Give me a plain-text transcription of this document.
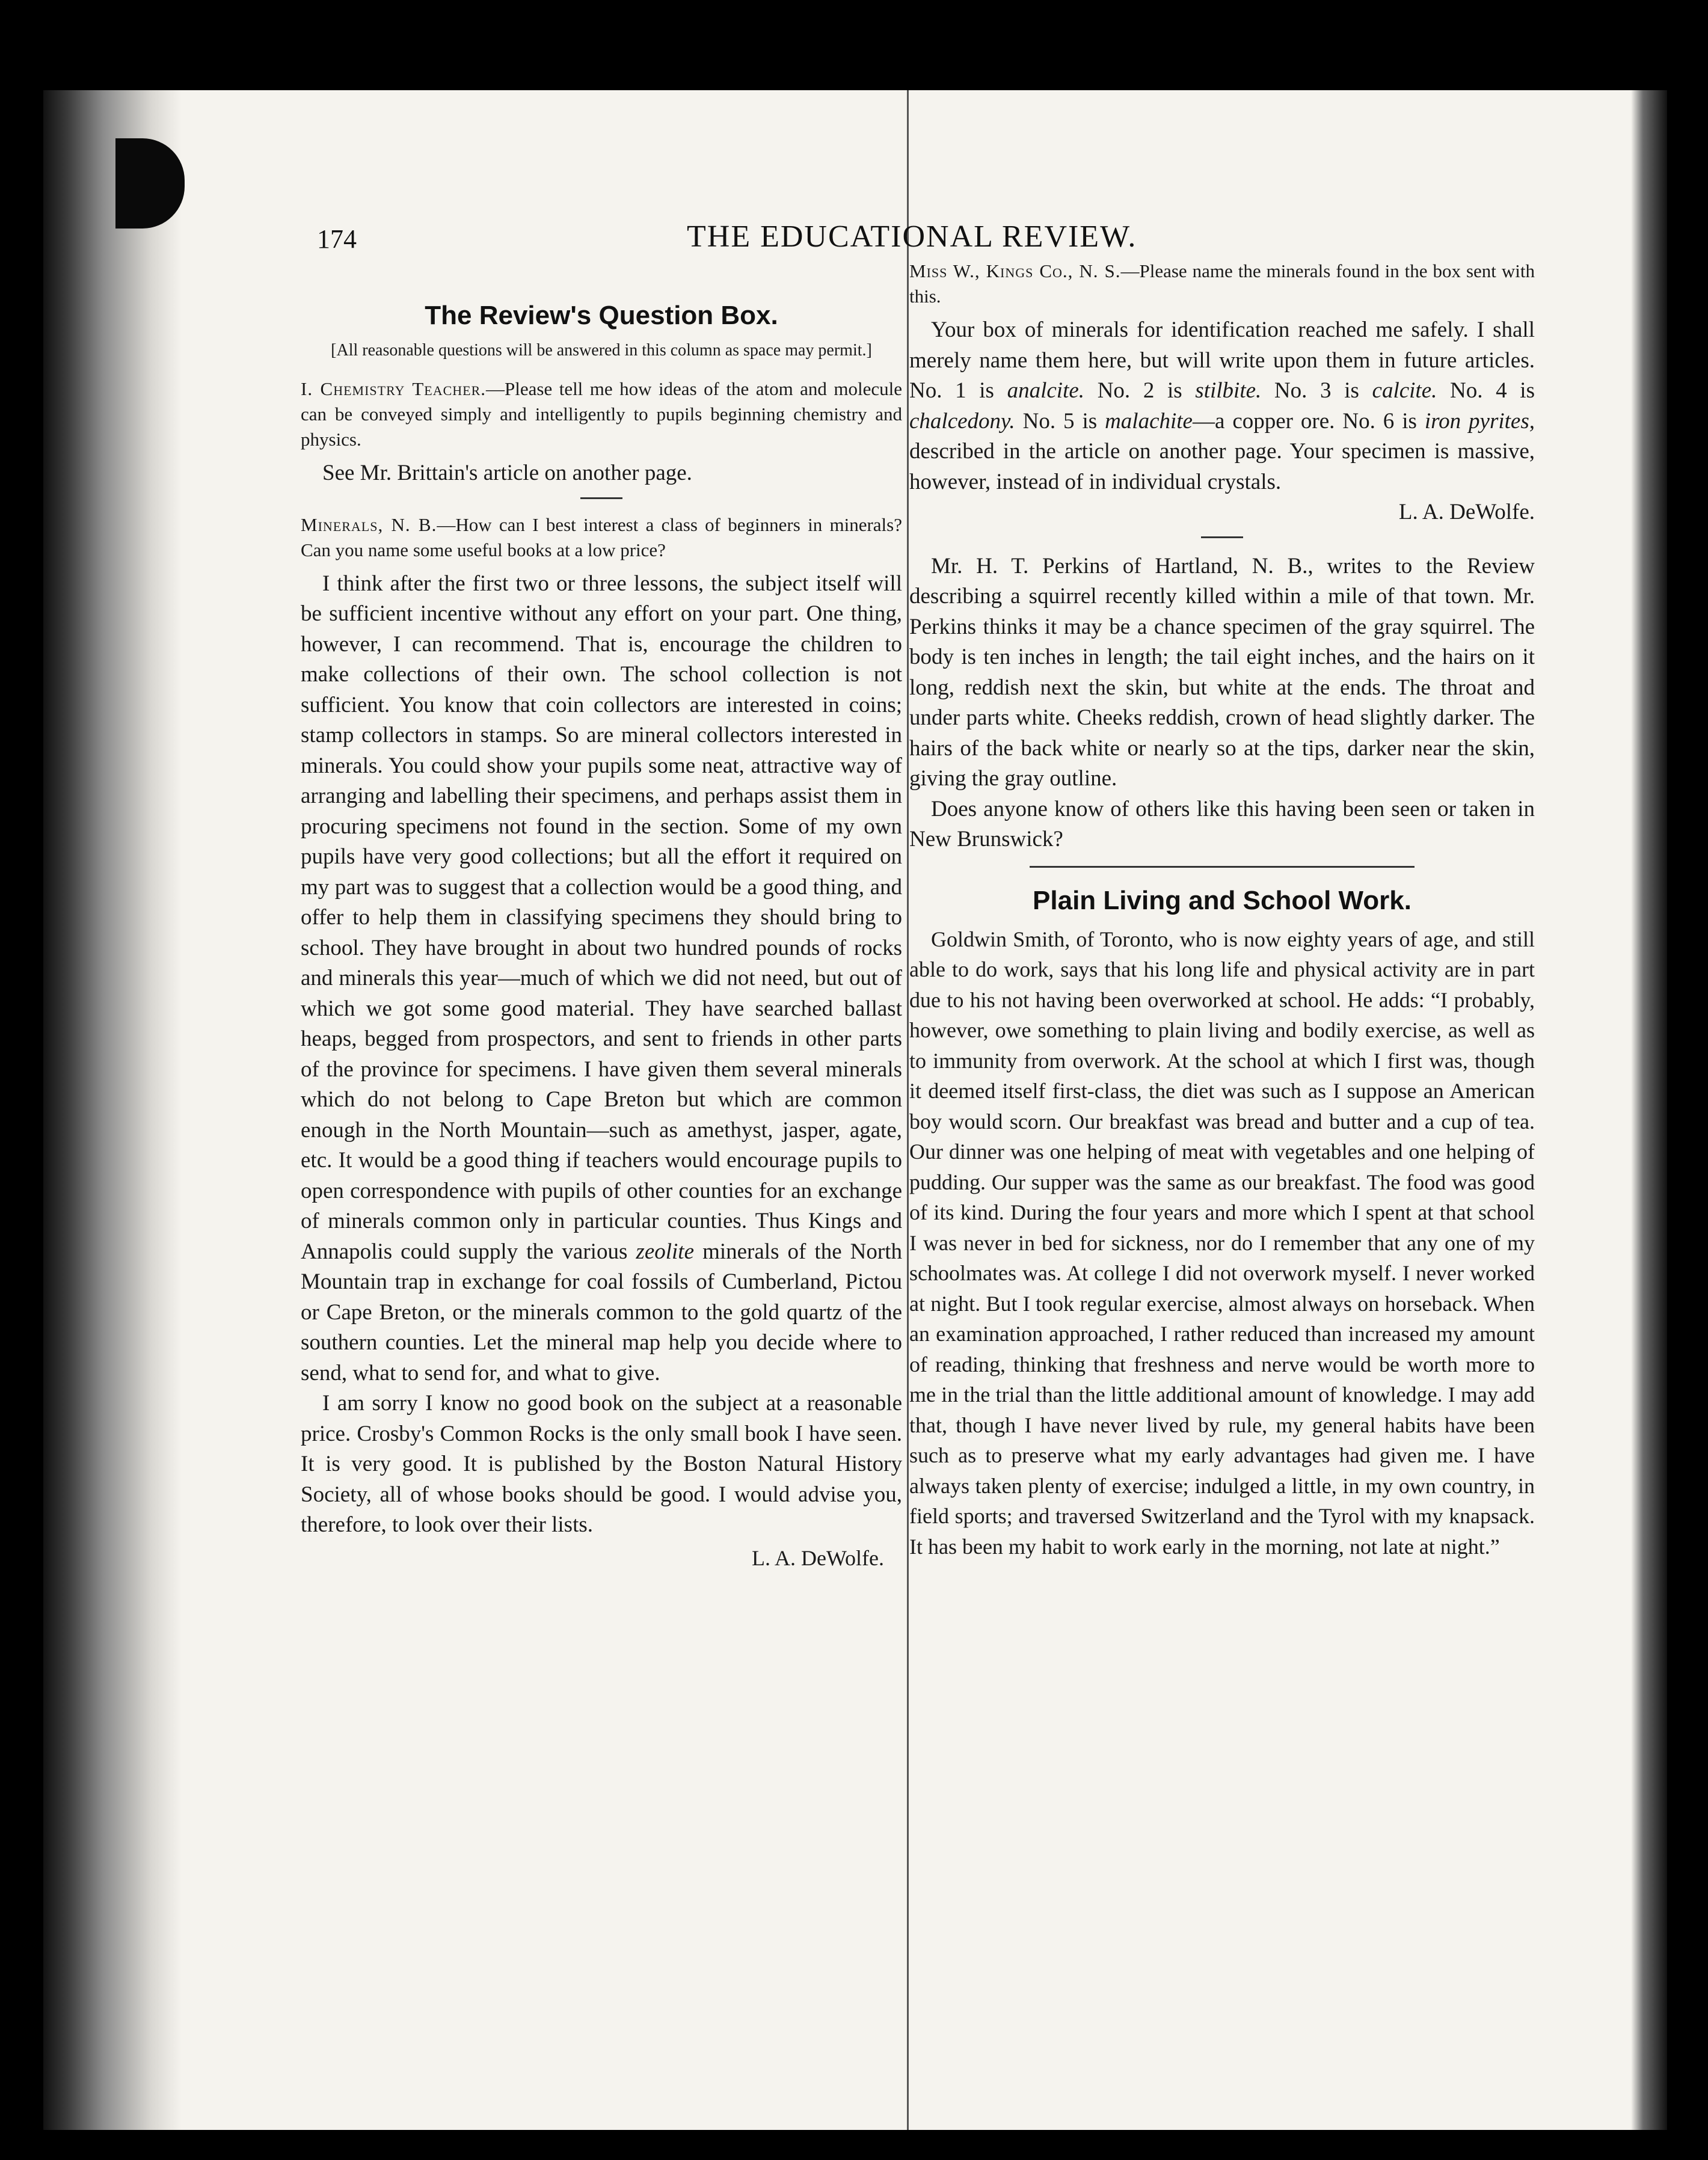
174	THE EDUCATIONAL REVIEW.
The Review's Question Box.

[All reasonable questions will be answered in this column as space may permit.]

I. Chemistry Teacher.—Please tell me how ideas of the atom and molecule can be conveyed simply and intelligently to pupils beginning chemistry and physics.

See Mr. Brittain's article on another page.

Minerals, N. B.—How can I best interest a class of beginners in minerals? Can you name some useful books at a low price?

I think after the first two or three lessons, the subject itself will be sufficient incentive without any effort on your part. One thing, however, I can recommend. That is, encourage the children to make collections of their own. The school collection is not sufficient. You know that coin collectors are interested in coins; stamp collectors in stamps. So are mineral collectors interested in minerals. You could show your pupils some neat, attractive way of arranging and labelling their specimens, and perhaps assist them in procuring specimens not found in the section. Some of my own pupils have very good collections; but all the effort it required on my part was to suggest that a collection would be a good thing, and offer to help them in classifying specimens they should bring to school. They have brought in about two hundred pounds of rocks and minerals this year—much of which we did not need, but out of which we got some good material. They have searched ballast heaps, begged from prospectors, and sent to friends in other parts of the province for specimens. I have given them several minerals which do not belong to Cape Breton but which are common enough in the North Mountain—such as amethyst, jasper, agate, etc. It would be a good thing if teachers would encourage pupils to open correspondence with pupils of other counties for an exchange of minerals common only in particular counties. Thus Kings and Annapolis could supply the various zeolite minerals of the North Mountain trap in exchange for coal fossils of Cumberland, Pictou or Cape Breton, or the minerals common to the gold quartz of the southern counties. Let the mineral map help you decide where to send, what to send for, and what to give.

I am sorry I know no good book on the subject at a reasonable price. Crosby's Common Rocks is the only small book I have seen. It is very good. It is published by the Boston Natural History Society, all of whose books should be good. I would advise you, therefore, to look over their lists.

L. A. DeWolfe.

Miss W., Kings Co., N. S.—Please name the minerals found in the box sent with this.

Your box of minerals for identification reached me safely. I shall merely name them here, but will write upon them in future articles. No. 1 is analcite. No. 2 is stilbite. No. 3 is calcite. No. 4 is chalcedony. No. 5 is malachite—a copper ore. No. 6 is iron pyrites, described in the article on another page. Your specimen is massive, however, instead of in individual crystals.
L. A. DeWolfe.

Mr. H. T. Perkins of Hartland, N. B., writes to the Review describing a squirrel recently killed within a mile of that town. Mr. Perkins thinks it may be a chance specimen of the gray squirrel. The body is ten inches in length; the tail eight inches, and the hairs on it long, reddish next the skin, but white at the ends. The throat and under parts white. Cheeks reddish, crown of head slightly darker. The hairs of the back white or nearly so at the tips, darker near the skin, giving the gray outline.

Does anyone know of others like this having been seen or taken in New Brunswick?

Plain Living and School Work.

Goldwin Smith, of Toronto, who is now eighty years of age, and still able to do work, says that his long life and physical activity are in part due to his not having been overworked at school. He adds: “I probably, however, owe something to plain living and bodily exercise, as well as to immunity from overwork. At the school at which I first was, though it deemed itself first-class, the diet was such as I suppose an American boy would scorn. Our breakfast was bread and butter and a cup of tea. Our dinner was one helping of meat with vegetables and one helping of pudding. Our supper was the same as our breakfast. The food was good of its kind. During the four years and more which I spent at that school I was never in bed for sickness, nor do I remember that any one of my schoolmates was. At college I did not overwork myself. I never worked at night. But I took regular exercise, almost always on horseback. When an examination approached, I rather reduced than increased my amount of reading, thinking that freshness and nerve would be worth more to me in the trial than the little additional amount of knowledge. I may add that, though I have never lived by rule, my general habits have been such as to preserve what my early advantages had given me. I have always taken plenty of exercise; indulged a little, in my own country, in field sports; and traversed Switzerland and the Tyrol with my knapsack. It has been my habit to work early in the morning, not late at night.”
